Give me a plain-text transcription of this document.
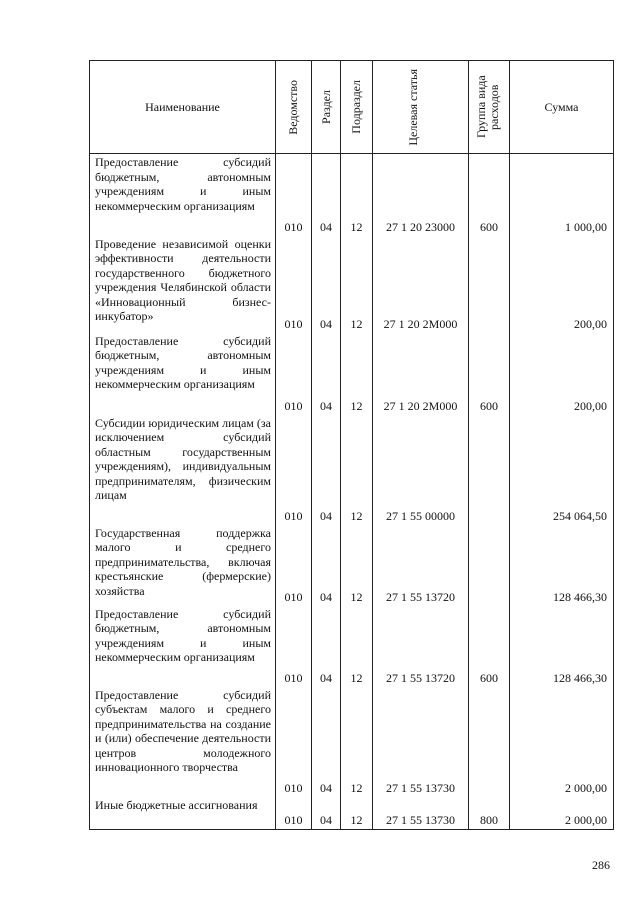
Наименование	Ведомство	Раздел	Подраздел	Целевая статья	Группа вида расходов	Сумма
Предоставление субсидий бюджетным, автономным учреждениям и иным некоммерческим организациям	010	04	12	27 1 20 23000	600	1 000,00
Проведение независимой оценки эффективности деятельности государственного бюджетного учреждения Челябинской области «Инновационный бизнес-инкубатор»	010	04	12	27 1 20 2М000		200,00
Предоставление субсидий бюджетным, автономным учреждениям и иным некоммерческим организациям	010	04	12	27 1 20 2М000	600	200,00
Субсидии юридическим лицам (за исключением субсидий областным государственным учреждениям), индивидуальным предпринимателям, физическим лицам	010	04	12	27 1 55 00000		254 064,50
Государственная поддержка малого и среднего предпринимательства, включая крестьянские (фермерские) хозяйства	010	04	12	27 1 55 13720		128 466,30
Предоставление субсидий бюджетным, автономным учреждениям и иным некоммерческим организациям	010	04	12	27 1 55 13720	600	128 466,30
Предоставление субсидий субъектам малого и среднего предпринимательства на создание и (или) обеспечение деятельности центров молодежного инновационного творчества	010	04	12	27 1 55 13730		2 000,00
Иные бюджетные ассигнования	010	04	12	27 1 55 13730	800	2 000,00
286
